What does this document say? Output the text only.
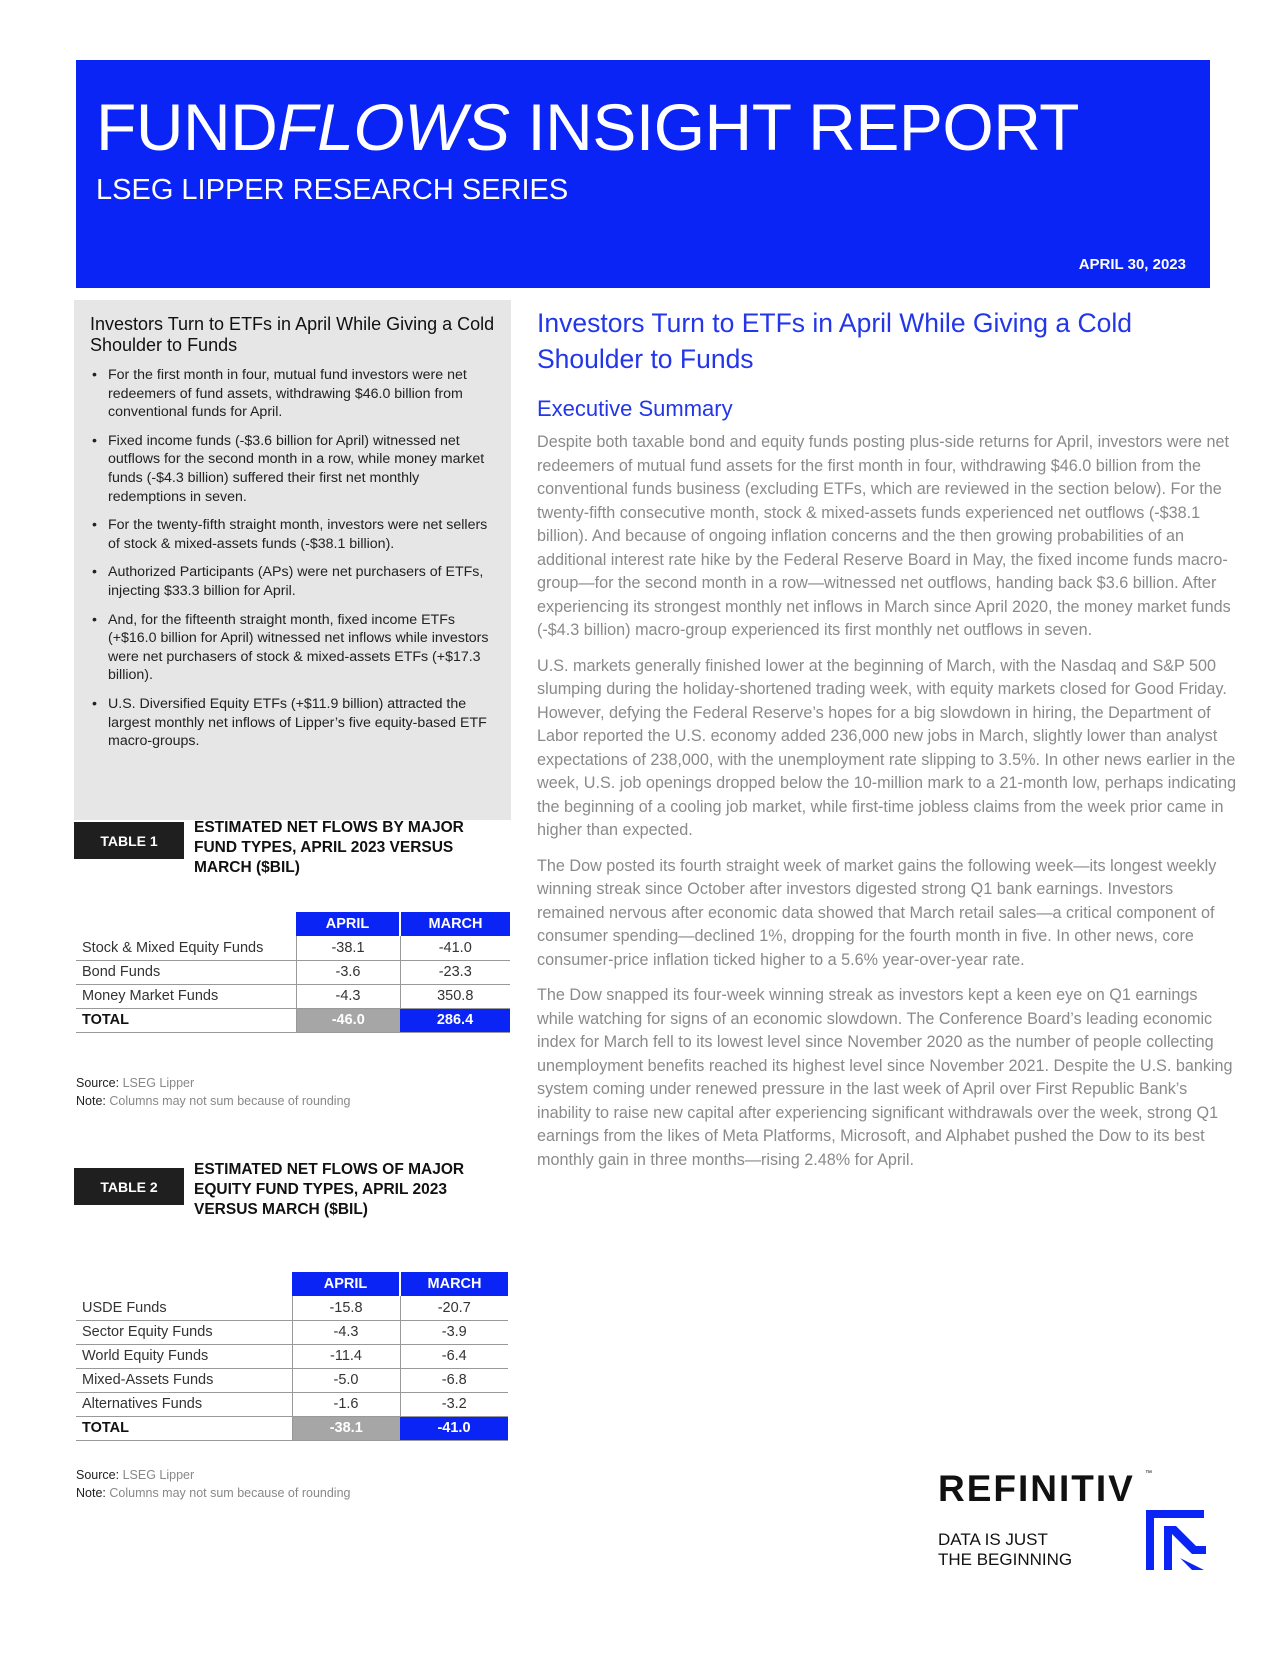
FUNDFLOWS INSIGHT REPORT
LSEG LIPPER RESEARCH SERIES
APRIL 30, 2023
Investors Turn to ETFs in April While Giving a Cold Shoulder to Funds
• For the first month in four, mutual fund investors were net redeemers of fund assets, withdrawing $46.0 billion from conventional funds for April.
• Fixed income funds (-$3.6 billion for April) witnessed net outflows for the second month in a row, while money market funds (-$4.3 billion) suffered their first net monthly redemptions in seven.
• For the twenty-fifth straight month, investors were net sellers of stock & mixed-assets funds (-$38.1 billion).
• Authorized Participants (APs) were net purchasers of ETFs, injecting $33.3 billion for April.
• And, for the fifteenth straight month, fixed income ETFs (+$16.0 billion for April) witnessed net inflows while investors were net purchasers of stock & mixed-assets ETFs (+$17.3 billion).
• U.S. Diversified Equity ETFs (+$11.9 billion) attracted the largest monthly net inflows of Lipper’s five equity-based ETF macro-groups.
TABLE 1
ESTIMATED NET FLOWS BY MAJOR FUND TYPES, APRIL 2023 VERSUS MARCH ($BIL)
	APRIL	MARCH
Stock & Mixed Equity Funds	-38.1	-41.0
Bond Funds	-3.6	-23.3
Money Market Funds	-4.3	350.8
TOTAL	-46.0	286.4
Source: LSEG Lipper
Note: Columns may not sum because of rounding
TABLE 2
ESTIMATED NET FLOWS OF MAJOR EQUITY FUND TYPES, APRIL 2023 VERSUS MARCH ($BIL)
	APRIL	MARCH
USDE Funds	-15.8	-20.7
Sector Equity Funds	-4.3	-3.9
World Equity Funds	-11.4	-6.4
Mixed-Assets Funds	-5.0	-6.8
Alternatives Funds	-1.6	-3.2
TOTAL	-38.1	-41.0
Source: LSEG Lipper
Note: Columns may not sum because of rounding
Investors Turn to ETFs in April While Giving a Cold Shoulder to Funds
Executive Summary

Despite both taxable bond and equity funds posting plus-side returns for April, investors were net redeemers of mutual fund assets for the first month in four, withdrawing $46.0 billion from the conventional funds business (excluding ETFs, which are reviewed in the section below). For the twenty-fifth consecutive month, stock & mixed-assets funds experienced net outflows (-$38.1 billion). And because of ongoing inflation concerns and the then growing probabilities of an additional interest rate hike by the Federal Reserve Board in May, the fixed income funds macro-group—for the second month in a row—witnessed net outflows, handing back $3.6 billion. After experiencing its strongest monthly net inflows in March since April 2020, the money market funds (-$4.3 billion) macro-group experienced its first monthly net outflows in seven.

U.S. markets generally finished lower at the beginning of March, with the Nasdaq and S&P 500 slumping during the holiday-shortened trading week, with equity markets closed for Good Friday. However, defying the Federal Reserve’s hopes for a big slowdown in hiring, the Department of Labor reported the U.S. economy added 236,000 new jobs in March, slightly lower than analyst expectations of 238,000, with the unemployment rate slipping to 3.5%. In other news earlier in the week, U.S. job openings dropped below the 10-million mark to a 21-month low, perhaps indicating the beginning of a cooling job market, while first-time jobless claims from the week prior came in higher than expected.

The Dow posted its fourth straight week of market gains the following week—its longest weekly winning streak since October after investors digested strong Q1 bank earnings. Investors remained nervous after economic data showed that March retail sales—a critical component of consumer spending—declined 1%, dropping for the fourth month in five. In other news, core consumer-price inflation ticked higher to a 5.6% year-over-year rate.

The Dow snapped its four-week winning streak as investors kept a keen eye on Q1 earnings while watching for signs of an economic slowdown. The Conference Board’s leading economic index for March fell to its lowest level since November 2020 as the number of people collecting unemployment benefits reached its highest level since November 2021. Despite the U.S. banking system coming under renewed pressure in the last week of April over First Republic Bank’s inability to raise new capital after experiencing significant withdrawals over the week, strong Q1 earnings from the likes of Meta Platforms, Microsoft, and Alphabet pushed the Dow to its best monthly gain in three months—rising 2.48% for April.

REFINITIV ™
DATA IS JUST
THE BEGINNING
